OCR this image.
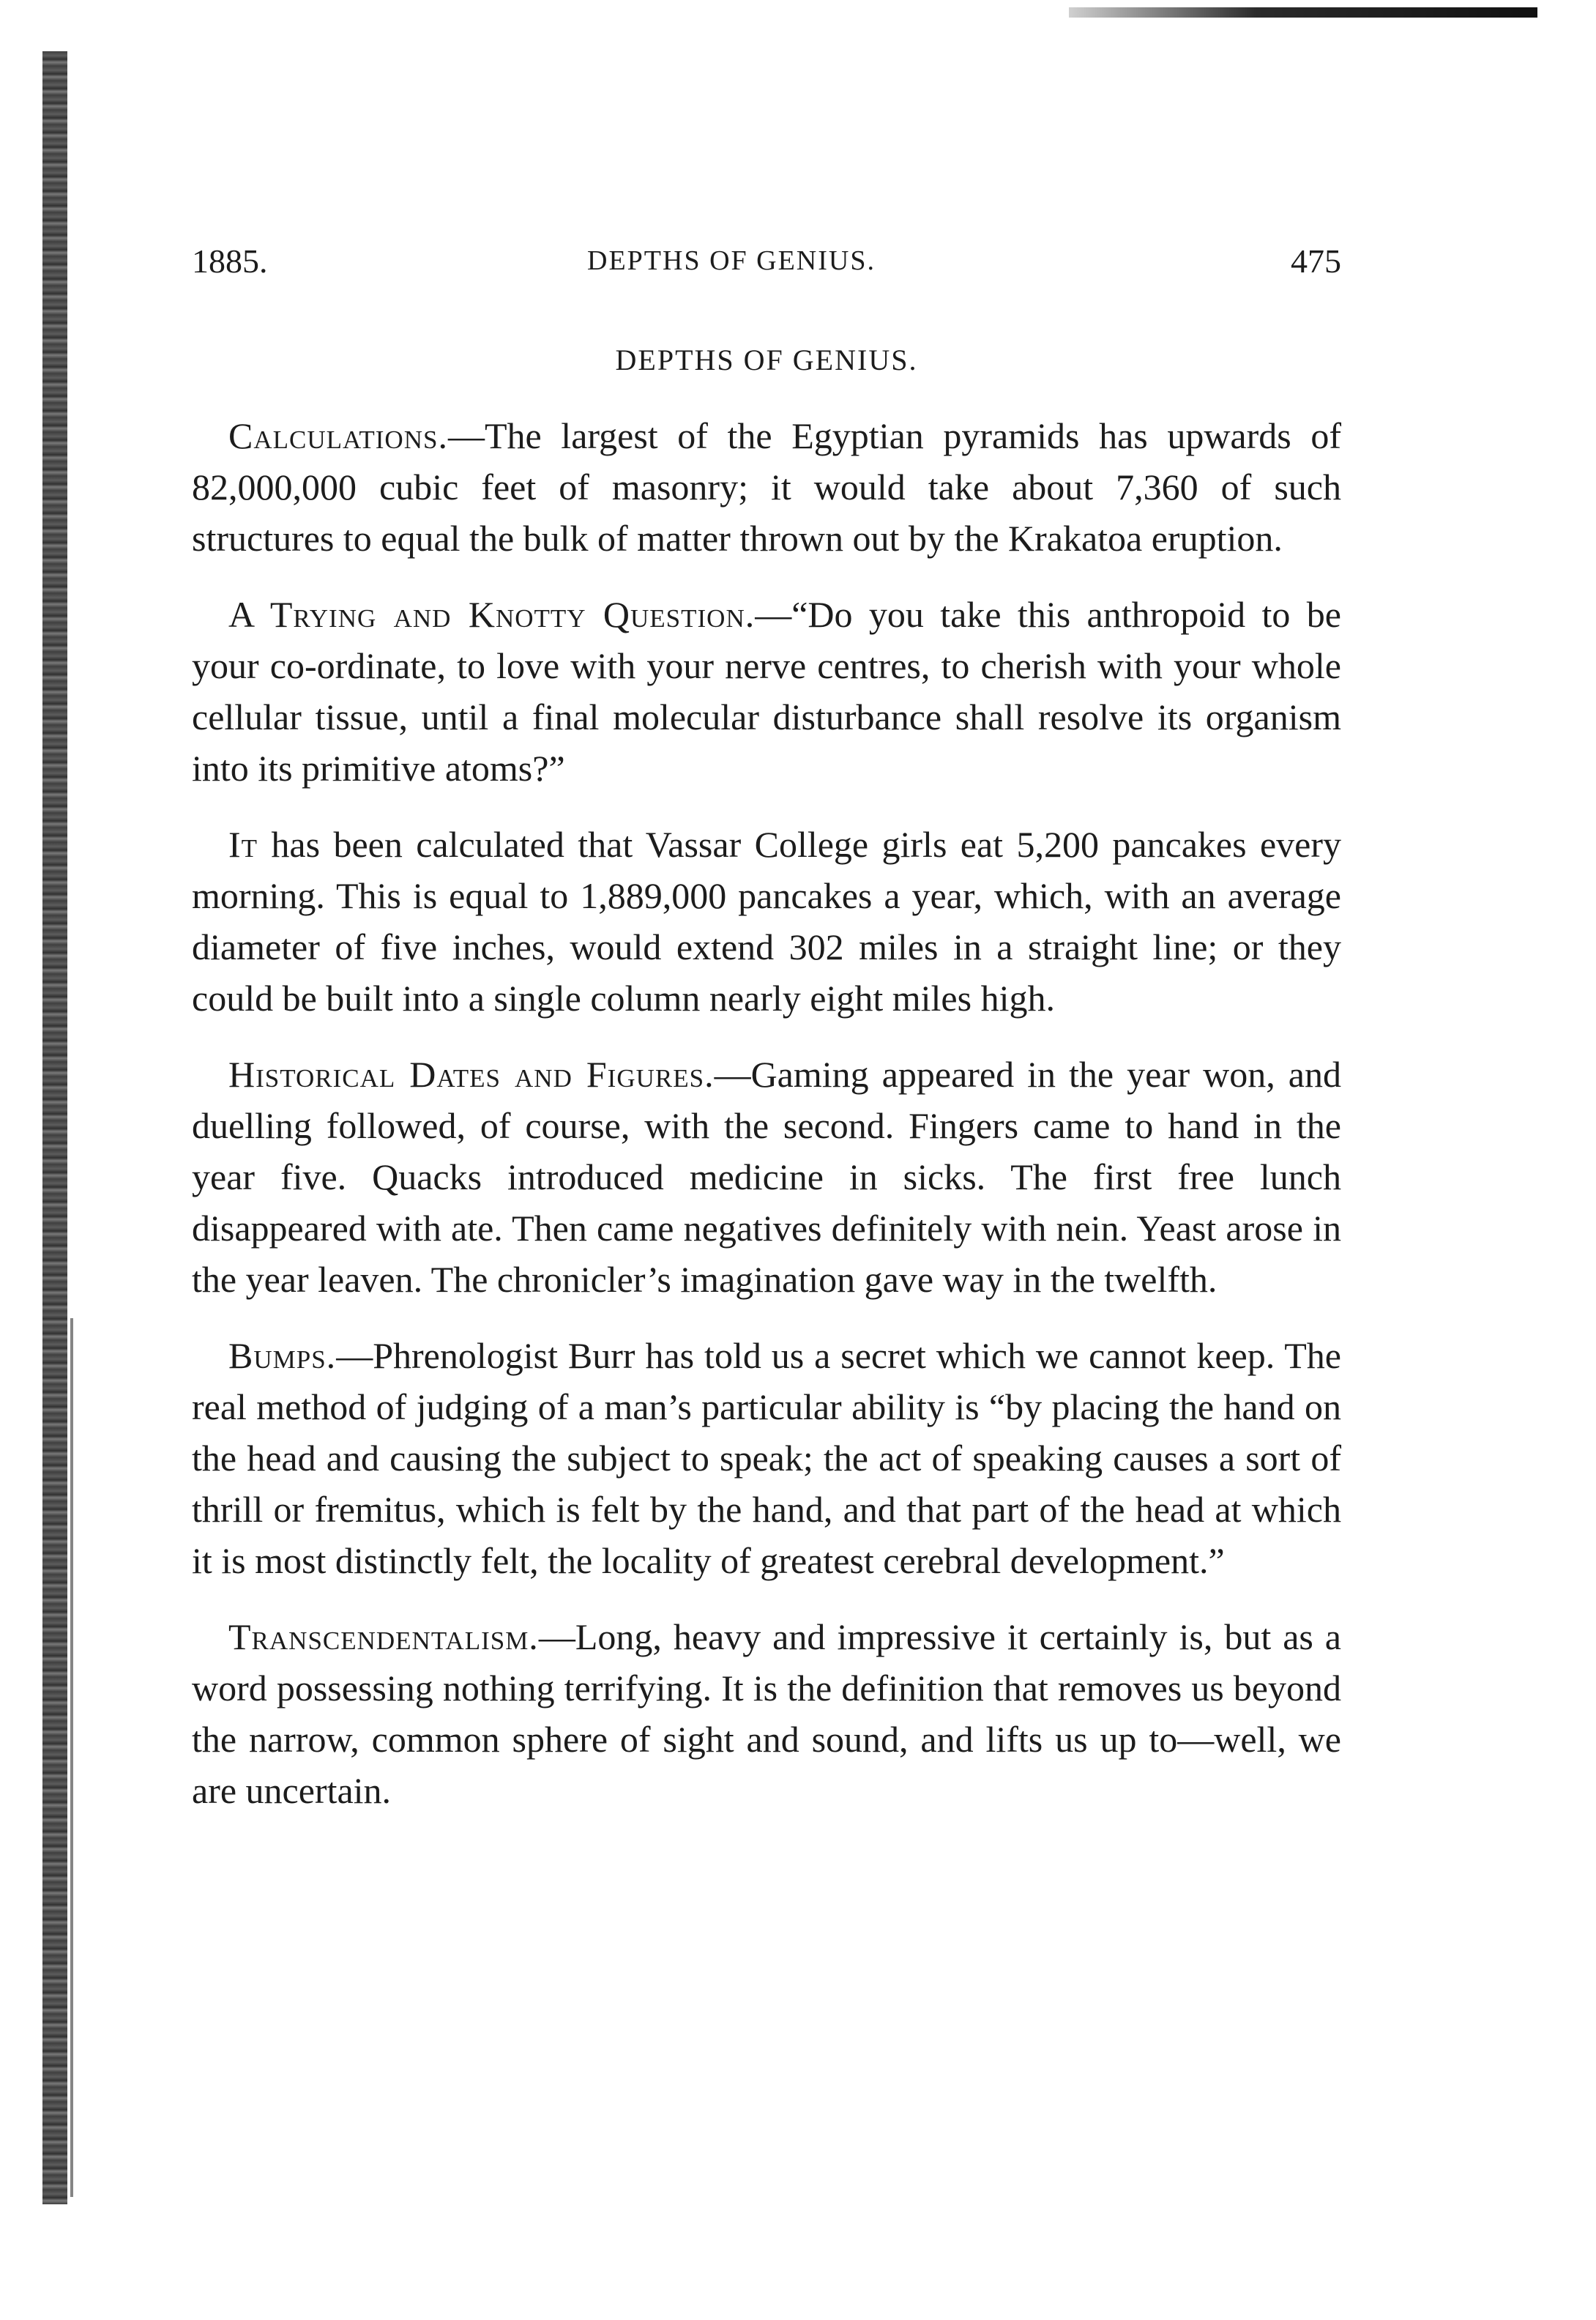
1885.	DEPTHS OF GENIUS.	475
DEPTHS OF GENIUS.

Calculations.—The largest of the Egyptian pyramids has upwards of 82,000,000 cubic feet of masonry; it would take about 7,360 of such structures to equal the bulk of matter thrown out by the Krakatoa eruption.

A Trying and Knotty Question.—“Do you take this anthropoid to be your co-ordinate, to love with your nerve centres, to cherish with your whole cellular tissue, until a final molecular disturbance shall resolve its organism into its primitive atoms?”

It has been calculated that Vassar College girls eat 5,200 pancakes every morning. This is equal to 1,889,000 pancakes a year, which, with an average diameter of five inches, would extend 302 miles in a straight line; or they could be built into a single column nearly eight miles high.

Historical Dates and Figures.—Gaming appeared in the year won, and duelling followed, of course, with the second. Fingers came to hand in the year five. Quacks introduced medicine in sicks. The first free lunch disappeared with ate. Then came negatives definitely with nein. Yeast arose in the year leaven. The chronicler’s imagination gave way in the twelfth.

Bumps.—Phrenologist Burr has told us a secret which we cannot keep. The real method of judging of a man’s particular ability is “by placing the hand on the head and causing the subject to speak; the act of speaking causes a sort of thrill or fremitus, which is felt by the hand, and that part of the head at which it is most distinctly felt, the locality of greatest cerebral development.”

Transcendentalism.—Long, heavy and impressive it certainly is, but as a word possessing nothing terrifying. It is the definition that removes us beyond the narrow, common sphere of sight and sound, and lifts us up to—well, we are uncertain.
